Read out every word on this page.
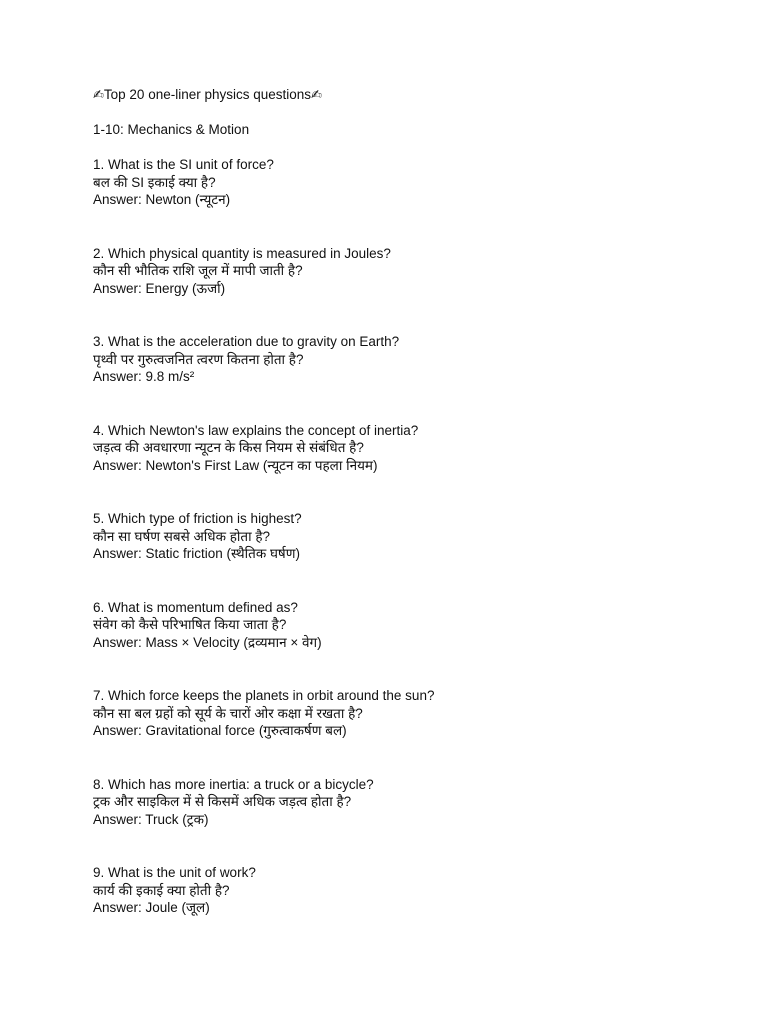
✍Top 20 one-liner physics questions✍

1-10: Mechanics & Motion

1. What is the SI unit of force?

बल की SI इकाई क्या है?

Answer: Newton (न्यूटन)

2. Which physical quantity is measured in Joules?

कौन सी भौतिक राशि जूल में मापी जाती है?

Answer: Energy (ऊर्जा)

3. What is the acceleration due to gravity on Earth?

पृथ्वी पर गुरुत्वजनित त्वरण कितना होता है?

Answer: 9.8 m/s²

4. Which Newton's law explains the concept of inertia?

जड़त्व की अवधारणा न्यूटन के किस नियम से संबंधित है?

Answer: Newton's First Law (न्यूटन का पहला नियम)

5. Which type of friction is highest?

कौन सा घर्षण सबसे अधिक होता है?

Answer: Static friction (स्थैतिक घर्षण)

6. What is momentum defined as?

संवेग को कैसे परिभाषित किया जाता है?

Answer: Mass × Velocity (द्रव्यमान × वेग)

7. Which force keeps the planets in orbit around the sun?

कौन सा बल ग्रहों को सूर्य के चारों ओर कक्षा में रखता है?

Answer: Gravitational force (गुरुत्वाकर्षण बल)

8. Which has more inertia: a truck or a bicycle?

ट्रक और साइकिल में से किसमें अधिक जड़त्व होता है?

Answer: Truck (ट्रक)

9. What is the unit of work?

कार्य की इकाई क्या होती है?

Answer: Joule (जूल)
